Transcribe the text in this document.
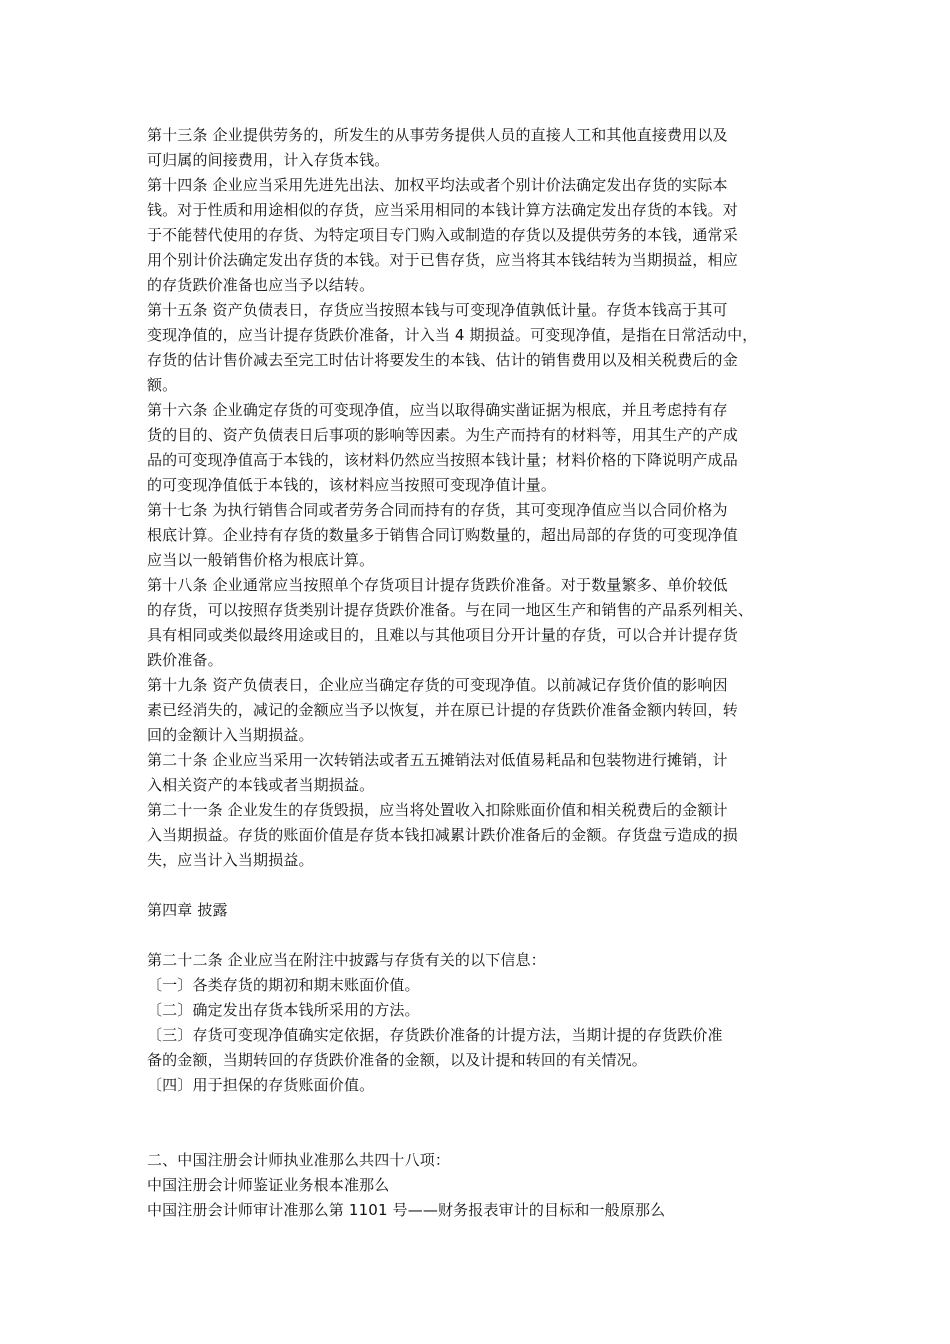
第十三条 企业提供劳务的，所发生的从事劳务提供人员的直接人工和其他直接费用以及
可归属的间接费用，计入存货本钱。
第十四条 企业应当采用先进先出法、加权平均法或者个别计价法确定发出存货的实际本
钱。对于性质和用途相似的存货，应当采用相同的本钱计算方法确定发出存货的本钱。对
于不能替代使用的存货、为特定项目专门购入或制造的存货以及提供劳务的本钱，通常采
用个别计价法确定发出存货的本钱。对于已售存货，应当将其本钱结转为当期损益，相应
的存货跌价准备也应当予以结转。
第十五条 资产负债表日，存货应当按照本钱与可变现净值孰低计量。存货本钱高于其可
变现净值的，应当计提存货跌价准备，计入当 4 期损益。可变现净值，是指在日常活动中，
存货的估计售价减去至完工时估计将要发生的本钱、估计的销售费用以及相关税费后的金
额。
第十六条 企业确定存货的可变现净值，应当以取得确实凿证据为根底，并且考虑持有存
货的目的、资产负债表日后事项的影响等因素。为生产而持有的材料等，用其生产的产成
品的可变现净值高于本钱的，该材料仍然应当按照本钱计量；材料价格的下降说明产成品
的可变现净值低于本钱的，该材料应当按照可变现净值计量。
第十七条 为执行销售合同或者劳务合同而持有的存货，其可变现净值应当以合同价格为
根底计算。企业持有存货的数量多于销售合同订购数量的，超出局部的存货的可变现净值
应当以一般销售价格为根底计算。
第十八条 企业通常应当按照单个存货项目计提存货跌价准备。对于数量繁多、单价较低
的存货，可以按照存货类别计提存货跌价准备。与在同一地区生产和销售的产品系列相关、
具有相同或类似最终用途或目的，且难以与其他项目分开计量的存货，可以合并计提存货
跌价准备。
第十九条 资产负债表日，企业应当确定存货的可变现净值。以前减记存货价值的影响因
素已经消失的，减记的金额应当予以恢复，并在原已计提的存货跌价准备金额内转回，转
回的金额计入当期损益。
第二十条 企业应当采用一次转销法或者五五摊销法对低值易耗品和包装物进行摊销，计
入相关资产的本钱或者当期损益。
第二十一条 企业发生的存货毁损，应当将处置收入扣除账面价值和相关税费后的金额计
入当期损益。存货的账面价值是存货本钱扣减累计跌价准备后的金额。存货盘亏造成的损
失，应当计入当期损益。
第四章 披露
第二十二条 企业应当在附注中披露与存货有关的以下信息：
〔一〕各类存货的期初和期末账面价值。
〔二〕确定发出存货本钱所采用的方法。
〔三〕存货可变现净值确实定依据，存货跌价准备的计提方法，当期计提的存货跌价准
备的金额，当期转回的存货跌价准备的金额，以及计提和转回的有关情况。
〔四〕用于担保的存货账面价值。
二、中国注册会计师执业准那么共四十八项：
中国注册会计师鉴证业务根本准那么
中国注册会计师审计准那么第 1101 号——财务报表审计的目标和一般原那么
